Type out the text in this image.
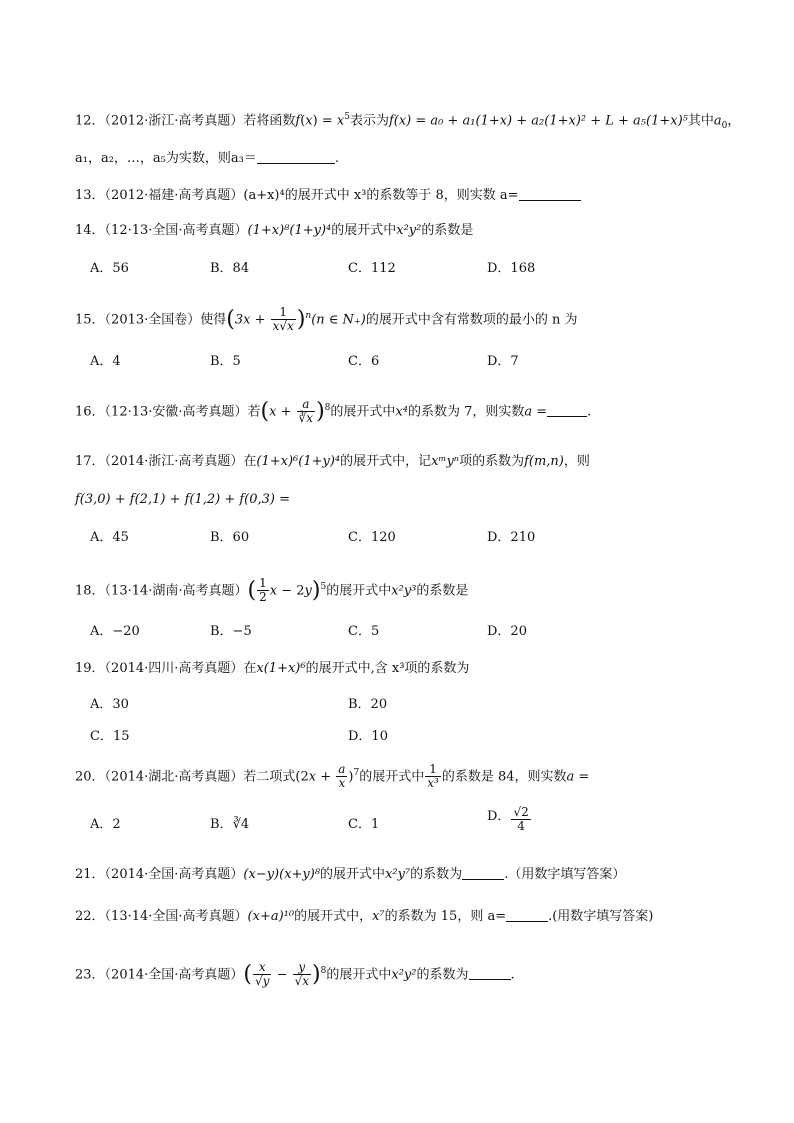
12．（2012·浙江·高考真题）若将函数$f(x) = x^5$表示为f(x) = a₀ + a₁(1+x) + a₂(1+x)² + L + a₅(1+x)⁵其中$a_0$，
a₁，a₂，…，a₅为实数，则a₃＝	.
13．（2012·福建·高考真题）(a+x)⁴的展开式中 x³的系数等于 8，则实数 a=
14．（12·13·全国·高考真题）(1+x)⁸(1+y)⁴的展开式中x²y²的系数是
A．56	B．84	C．112	D．168
15．（2013·全国卷）使得$(3x + \frac{1}{x√x} )^n(n$ ∈ N₊)的展开式中含有常数项的最小的 n 为
A．4	B．5	C．6	D．7
16．（12·13·安徽·高考真题）若$(x + \frac{a}{∛x} )^8$的展开式中x⁴的系数为 7，则实数a =	.
17．（2014·浙江·高考真题）在(1+x)⁶(1+y)⁴的展开式中，记xᵐyⁿ项的系数为f(m,n)，则
f(3,0) + f(2,1) + f(1,2) + f(0,3) =
A．45	B．60	C．120	D．210
18．（13·14·湖南·高考真题）( $\frac{1}{2}$ x − 2y)$^5$的展开式中x²y³的系数是
A．−20	B．−5	C．5	D．20
19．（2014·四川·高考真题）在x(1+x)⁶的展开式中,含 x³项的系数为
A．30	B．20
C．15	D．10
20．（2014·湖北·高考真题）若二项式$(2x + \frac{a}{x} )^7$的展开式中 $\frac{1}{\text{x³}}$ 的系数是 84，则实数a =
A．2	B．∛4	C．1
D． $\frac{√2}{4}$
21．（2014·全国·高考真题）(x−y)(x+y)⁸的展开式中x²y⁷的系数为	.（用数字填写答案）
22．（13·14·全国·高考真题）(x+a)¹⁰的展开式中，x⁷的系数为 15，则 a=	.(用数字填写答案)
23．（2014·全国·高考真题）( $\frac{x}{√y} - \frac{y}{√x} )^8$的展开式中x²y²的系数为	.
